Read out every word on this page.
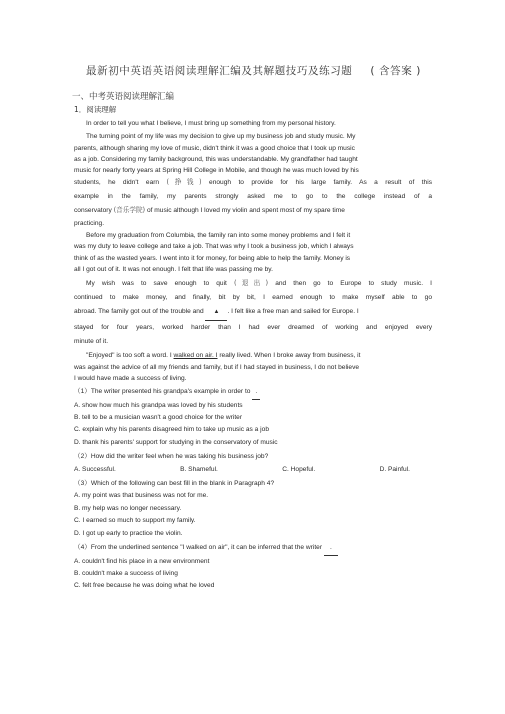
最新初中英语英语阅读理解汇编及其解题技巧及练习题 ( 含答案 )
一、中考英语阅读理解汇编
1．阅读理解

In order to tell you what I believe, I must bring up something from my personal history.

The turning point of my life was my decision to give up my business job and study music. My

parents, although sharing my love of music, didn't think it was a good choice that I took up music

as a job. Considering my family background, this was understandable. My grandfather had taught

music for nearly forty years at Spring Hill College in Mobile, and though he was much loved by his

students, he didn't earn (挣钱) enough to provide for his large family. As a result of this

example in the family, my parents strongly asked me to go to the college instead of a

conservatory (音乐学院) of music although I loved my violin and spent most of my spare time

practicing.

Before my graduation from Columbia, the family ran into some money problems and I felt it

was my duty to leave college and take a job. That was why I took a business job, which I always

think of as the wasted years. I went into it for money, for being able to help the family. Money is

all I got out of it. It was not enough. I felt that life was passing me by.

My wish was to save enough to quit (退出) and then go to Europe to study music. I

continued to make money, and finally, bit by bit, I earned enough to make myself able to go

abroad. The family got out of the trouble and ▲ . I felt like a free man and sailed for Europe. I

stayed for four years, worked harder than I had ever dreamed of working and enjoyed every

minute of it.

"Enjoyed" is too soft a word. I walked on air. I really lived. When I broke away from business, it

was against the advice of all my friends and family, but if I had stayed in business, I do not believe

I would have made a success of living.

（1）The writer presented his grandpa's example in order to .

A. show how much his grandpa was loved by his students

B. tell to be a musician wasn't a good choice for the writer

C. explain why his parents disagreed him to take up music as a job

D. thank his parents' support for studying in the conservatory of music

（2）How did the writer feel when he was taking his business job?

A. Successful.	B. Shameful.	C. Hopeful.	D. Painful.

（3）Which of the following can best fill in the blank in Paragraph 4?

A. my point was that business was not for me.

B. my help was no longer necessary.

C. I earned so much to support my family.

D. I got up early to practice the violin.

（4）From the underlined sentence "I walked on air", it can be inferred that the writer .

A. couldn't find his place in a new environment

B. couldn't make a success of living

C. felt free because he was doing what he loved
